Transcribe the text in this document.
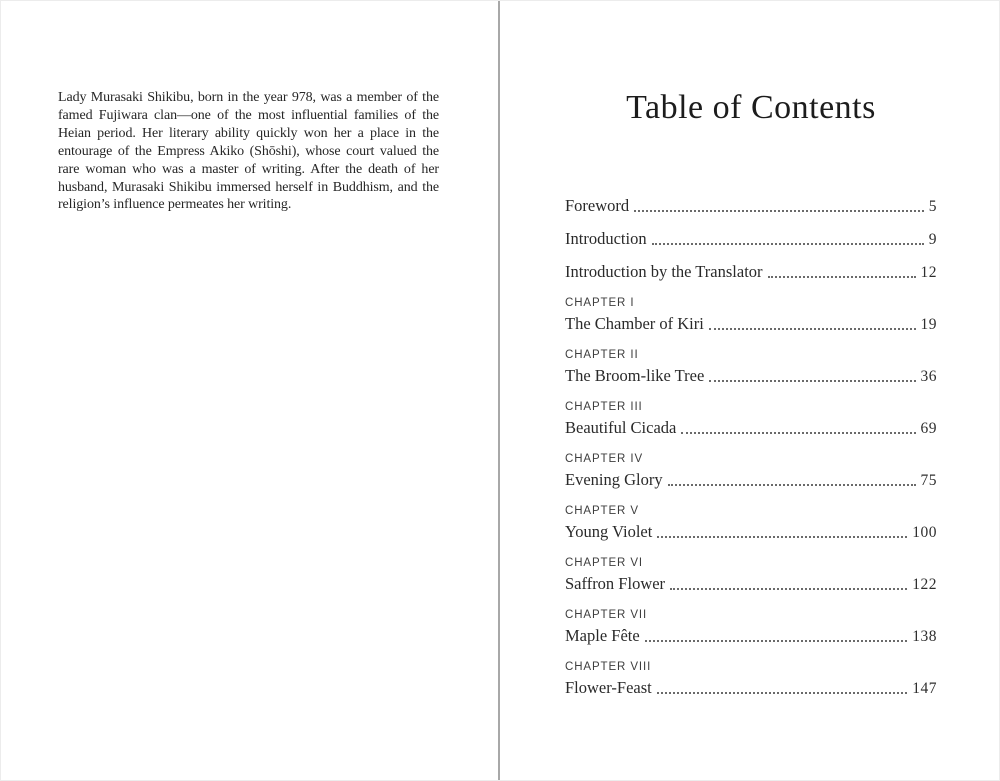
Lady Murasaki Shikibu, born in the year 978, was a member of the famed Fujiwara clan—one of the most influential families of the Heian period. Her literary ability quickly won her a place in the entourage of the Empress Akiko (Shōshi), whose court valued the rare woman who was a master of writing. After the death of her husband, Murasaki Shikibu immersed herself in Buddhism, and the religion’s influence permeates her writing.

Table of Contents
Foreword	5
Introduction	9
Introduction by the Translator	12
CHAPTER I
The Chamber of Kiri	19
CHAPTER II
The Broom-like Tree	36
CHAPTER III
Beautiful Cicada	69
CHAPTER IV
Evening Glory	75
CHAPTER V
Young Violet	100
CHAPTER VI
Saffron Flower	122
CHAPTER VII
Maple Fête	138
CHAPTER VIII
Flower-Feast	147
